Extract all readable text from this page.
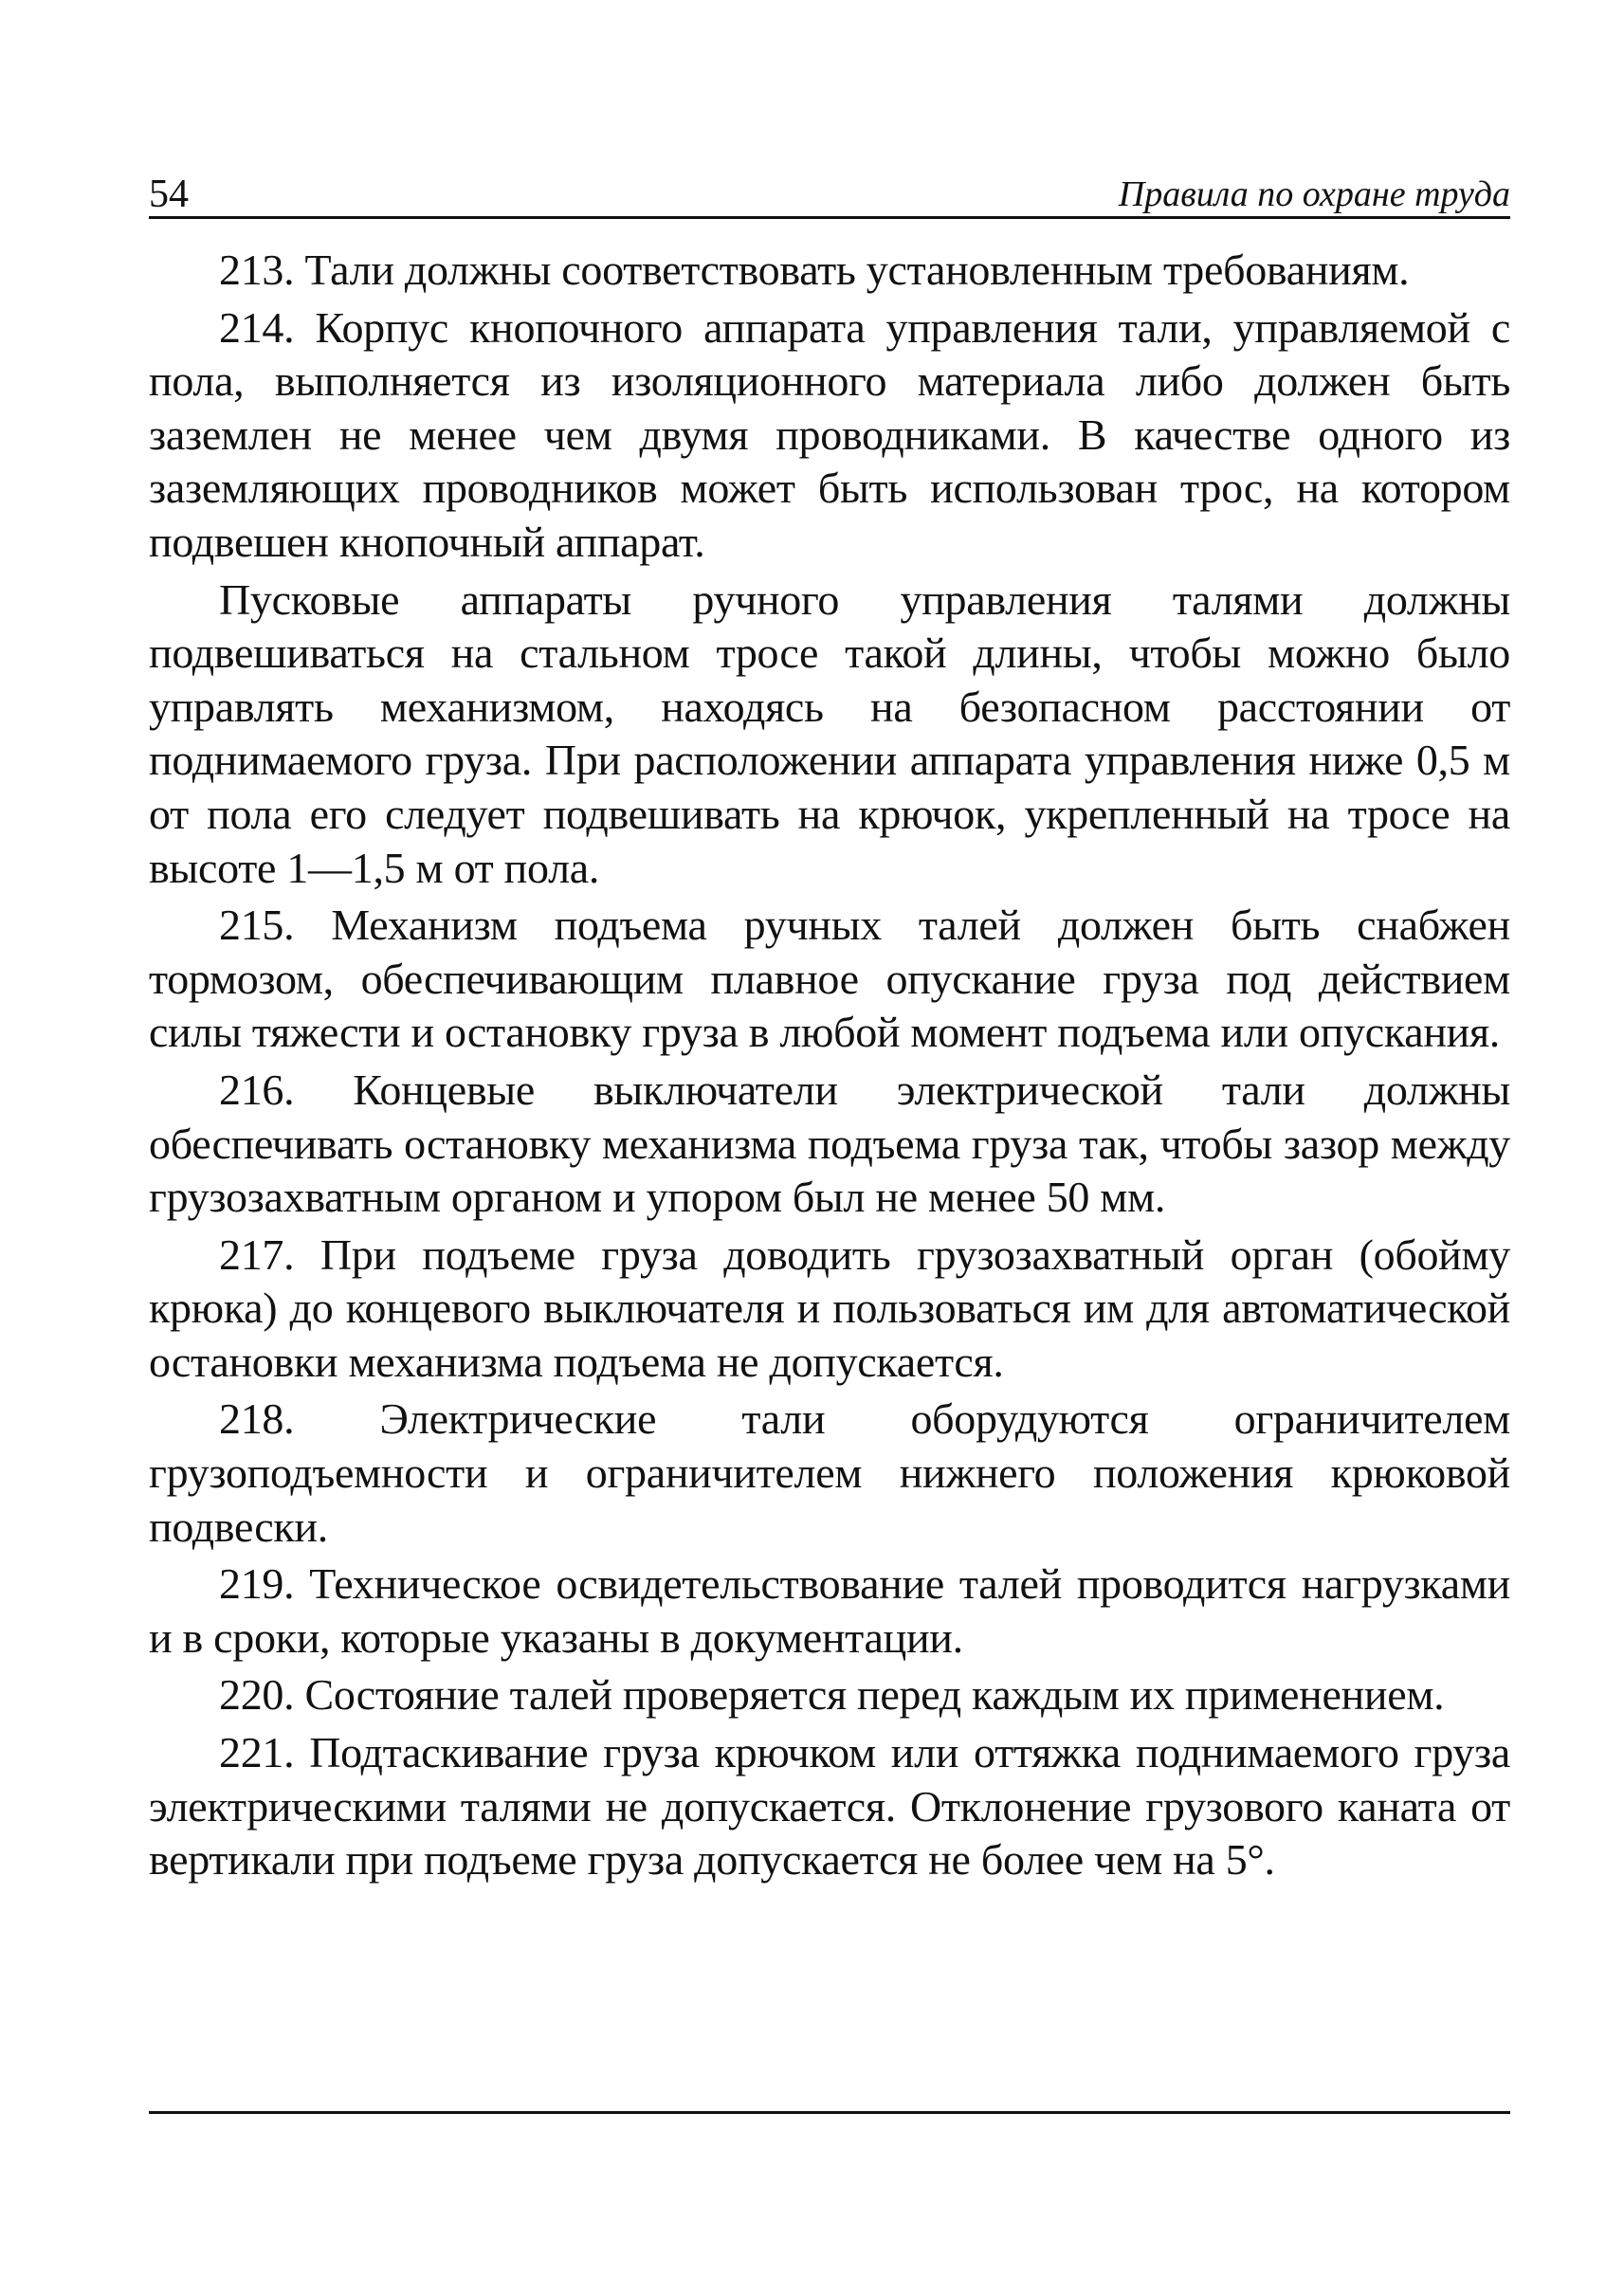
54	Правила по охране труда

213. Тали должны соответствовать установленным требованиям.

214. Корпус кнопочного аппарата управления тали, управляемой с пола, выполняется из изоляционного материала либо должен быть заземлен не менее чем двумя проводниками. В качестве одного из заземляющих проводников может быть использован трос, на котором подвешен кнопочный аппарат.

Пусковые аппараты ручного управления талями должны подвешиваться на стальном тросе такой длины, чтобы можно было управлять механизмом, находясь на безопасном расстоянии от поднимаемого груза. При расположении аппарата управления ниже 0,5 м от пола его следует подвешивать на крючок, укрепленный на тросе на высоте 1—1,5 м от пола.

215. Механизм подъема ручных талей должен быть снабжен тормозом, обеспечивающим плавное опускание груза под действием силы тяжести и остановку груза в любой момент подъема или опускания.

216. Концевые выключатели электрической тали должны обеспечивать остановку механизма подъема груза так, чтобы зазор между грузозахватным органом и упором был не менее 50 мм.

217. При подъеме груза доводить грузозахватный орган (обойму крюка) до концевого выключателя и пользоваться им для автоматической остановки механизма подъема не допускается.

218. Электрические тали оборудуются ограничителем грузоподъемности и ограничителем нижнего положения крюковой подвески.

219. Техническое освидетельствование талей проводится нагрузками и в сроки, которые указаны в документации.

220. Состояние талей проверяется перед каждым их применением.

221. Подтаскивание груза крючком или оттяжка поднимаемого груза электрическими талями не допускается. Отклонение грузового каната от вертикали при подъеме груза допускается не более чем на 5°.
